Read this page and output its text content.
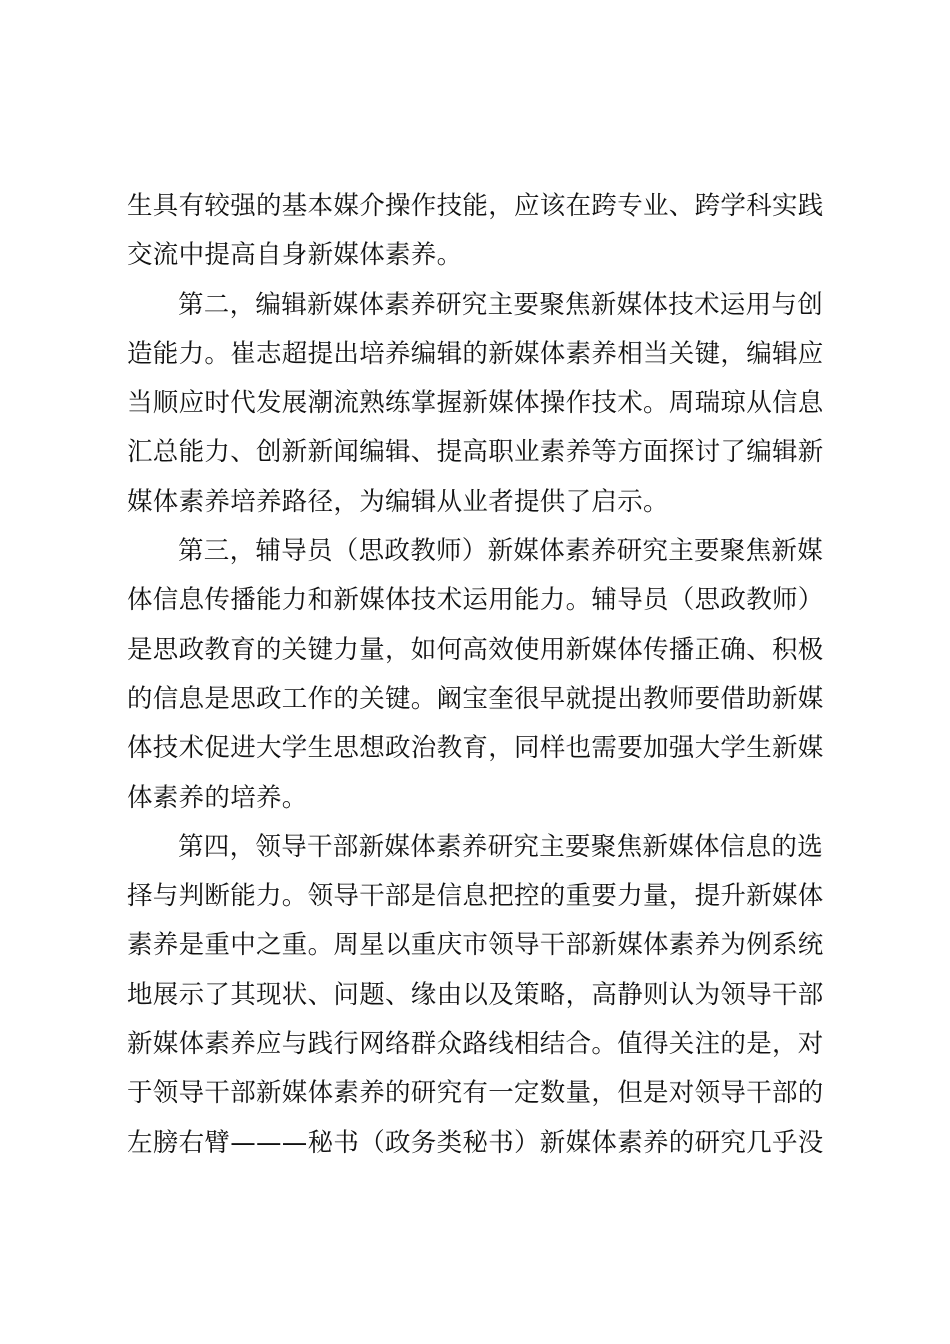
生具有较强的基本媒介操作技能，应该在跨专业、跨学科实践
交流中提高自身新媒体素养。
第二，编辑新媒体素养研究主要聚焦新媒体技术运用与创
造能力。崔志超提出培养编辑的新媒体素养相当关键，编辑应
当顺应时代发展潮流熟练掌握新媒体操作技术。周瑞琼从信息
汇总能力、创新新闻编辑、提高职业素养等方面探讨了编辑新
媒体素养培养路径，为编辑从业者提供了启示。
第三，辅导员（思政教师）新媒体素养研究主要聚焦新媒
体信息传播能力和新媒体技术运用能力。辅导员（思政教师）
是思政教育的关键力量，如何高效使用新媒体传播正确、积极
的信息是思政工作的关键。阚宝奎很早就提出教师要借助新媒
体技术促进大学生思想政治教育，同样也需要加强大学生新媒
体素养的培养。
第四，领导干部新媒体素养研究主要聚焦新媒体信息的选
择与判断能力。领导干部是信息把控的重要力量，提升新媒体
素养是重中之重。周星以重庆市领导干部新媒体素养为例系统
地展示了其现状、问题、缘由以及策略，高静则认为领导干部
新媒体素养应与践行网络群众路线相结合。值得关注的是，对
于领导干部新媒体素养的研究有一定数量，但是对领导干部的
左膀右臂———秘书（政务类秘书）新媒体素养的研究几乎没
